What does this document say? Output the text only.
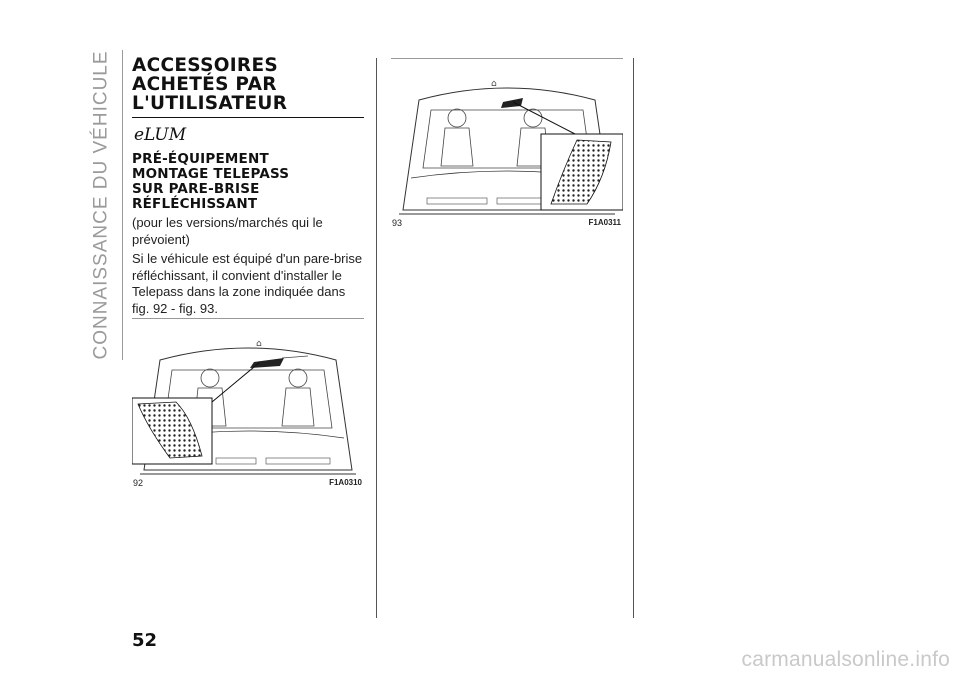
CONNAISSANCE DU VÉHICULE ACCESSOIRES
ACHETÉS PAR
L'UTILISATEUR
eLUM
PRÉ-ÉQUIPEMENT
MONTAGE TELEPASS
SUR PARE-BRISE
RÉFLÉCHISSANT

(pour les versions/marchés qui le prévoient)

Si le véhicule est équipé d'un pare-brise réfléchissant, il convient d'installer le Telepass dans la zone indiquée dans fig. 92 - fig. 93.

⌂
92	F1A0310
⌂
93	F1A0311
52
carmanualsonline.info
